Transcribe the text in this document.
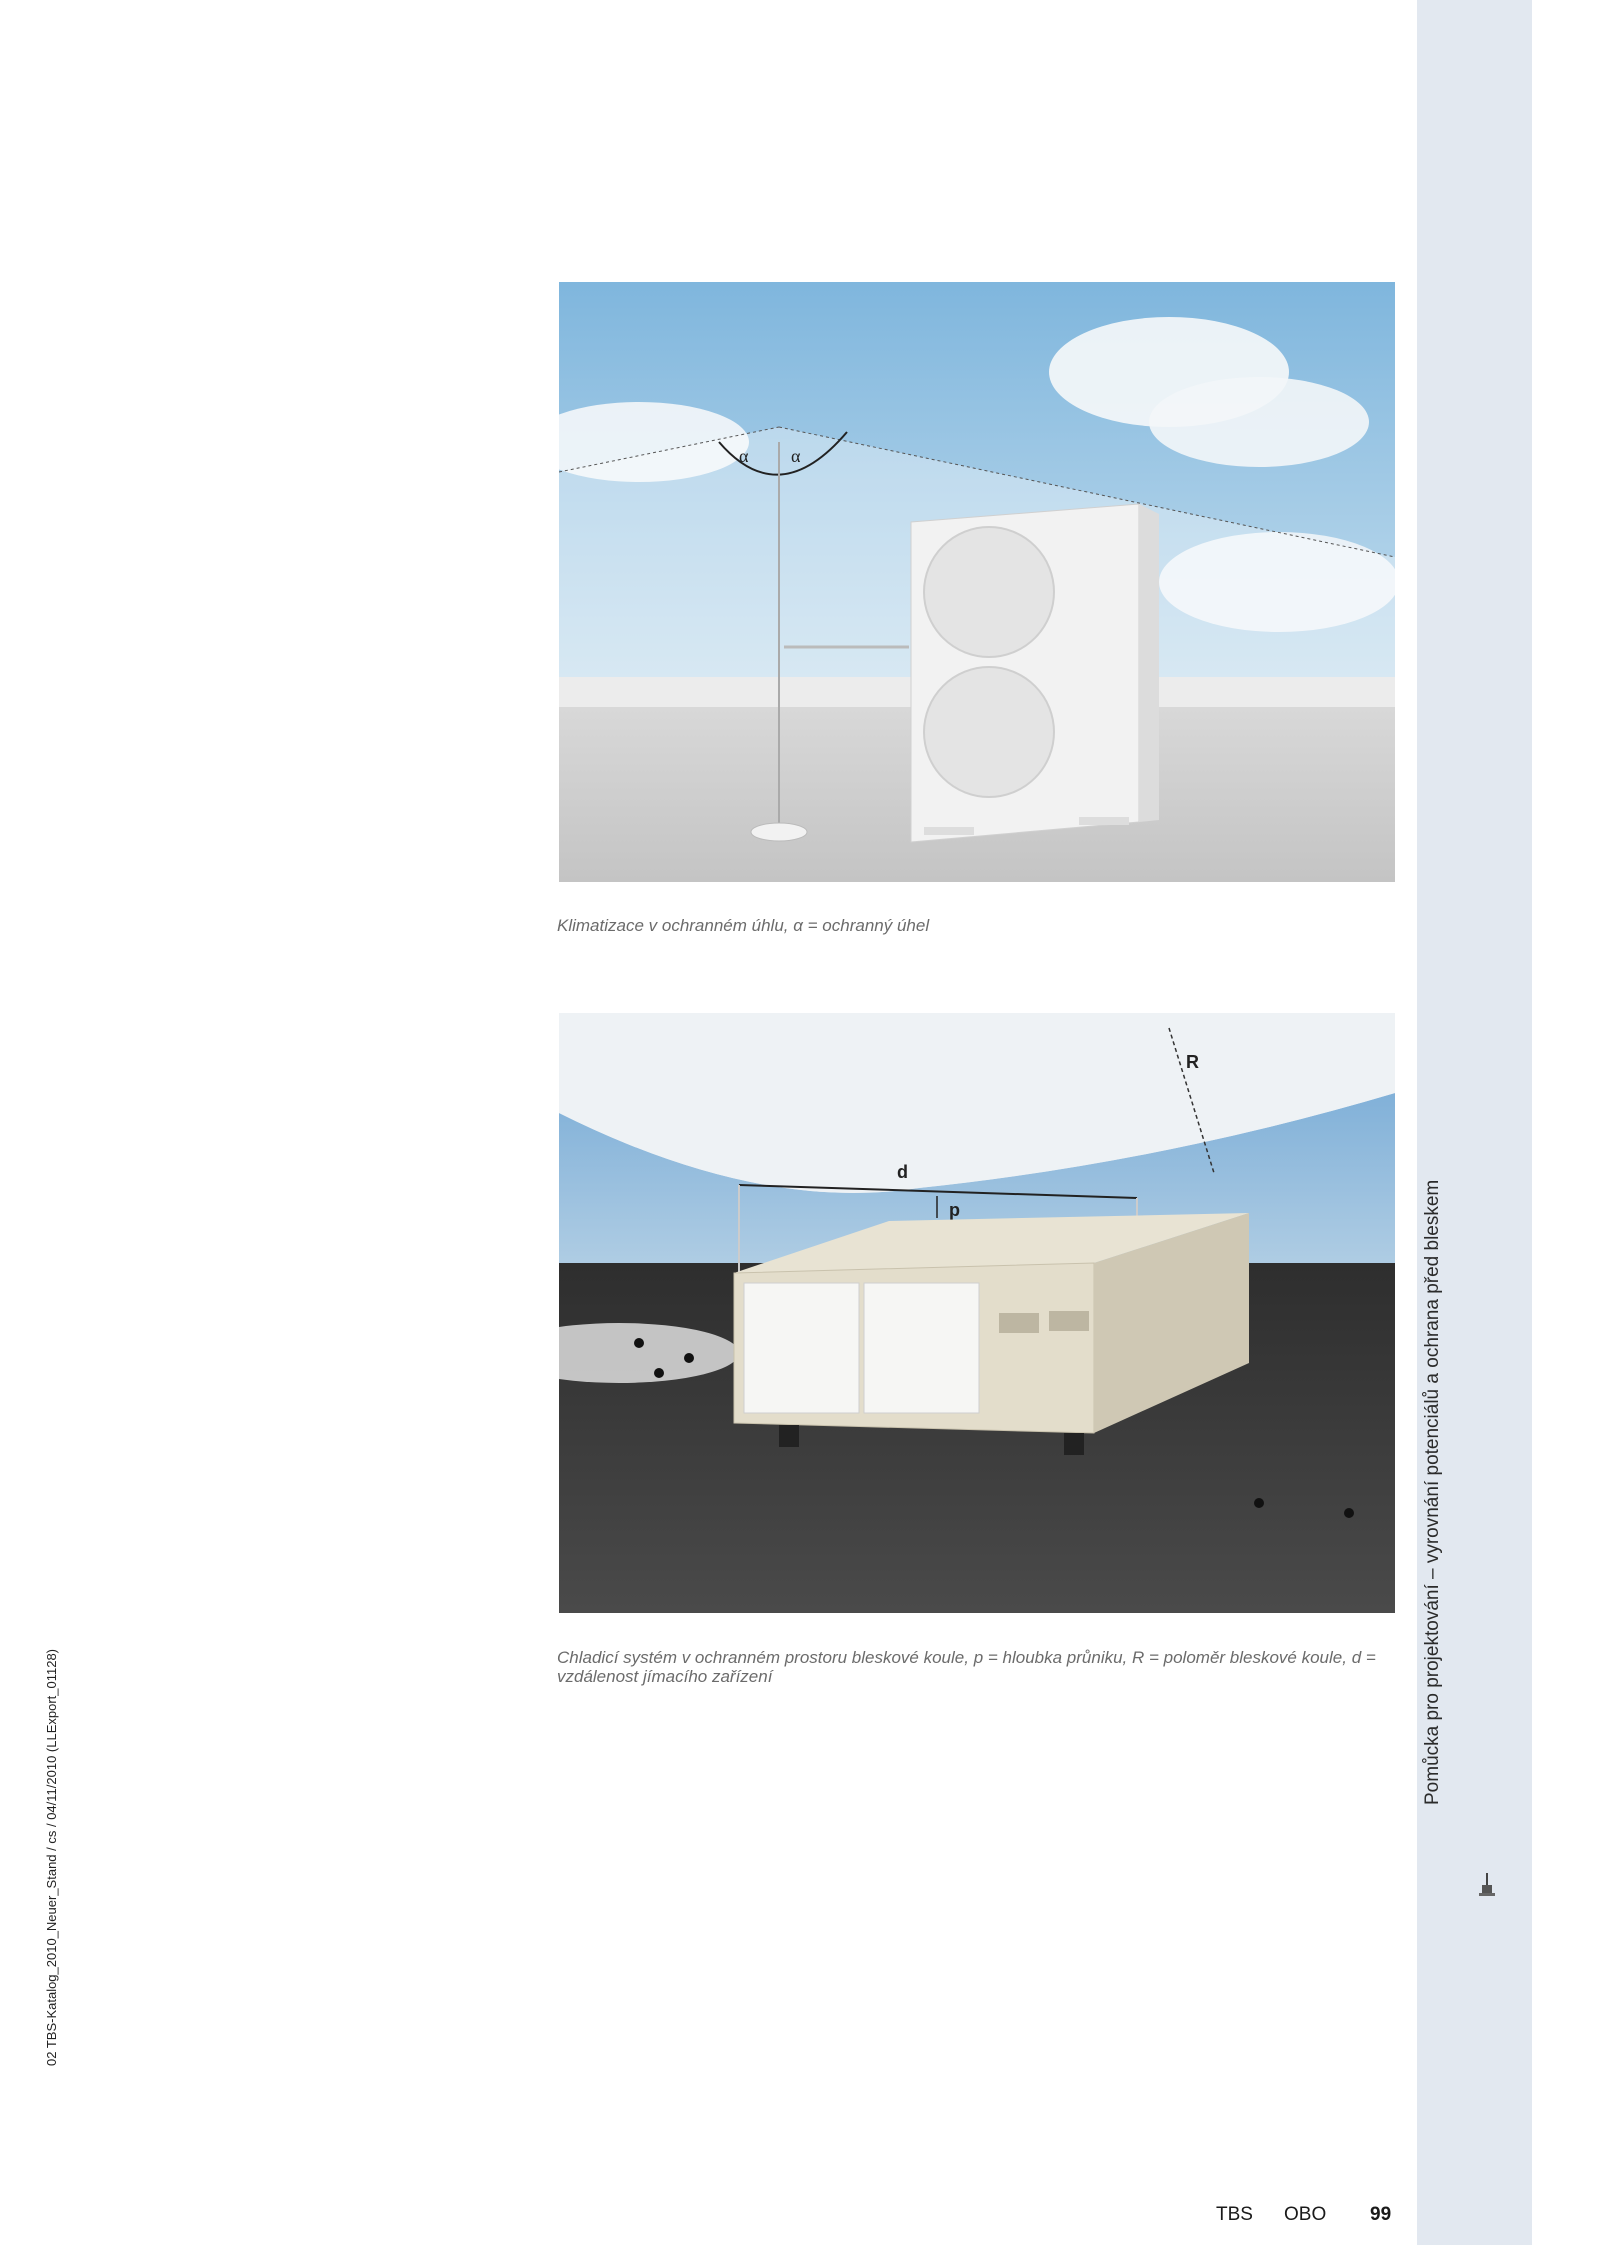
Pomůcka pro projektování – vyrovnání potenciálů a ochrana před bleskem
02 TBS-Katalog_2010_Neuer_Stand / cs / 04/11/2010 (LLExport_01128)
α α
Klimatizace v ochranném úhlu, α = ochranný úhel
R
d
p
Chladicí systém v ochranném prostoru bleskové koule, p = hloubka průniku, R = poloměr bleskové koule, d = vzdálenost jímacího zařízení
TBS OBO 99
